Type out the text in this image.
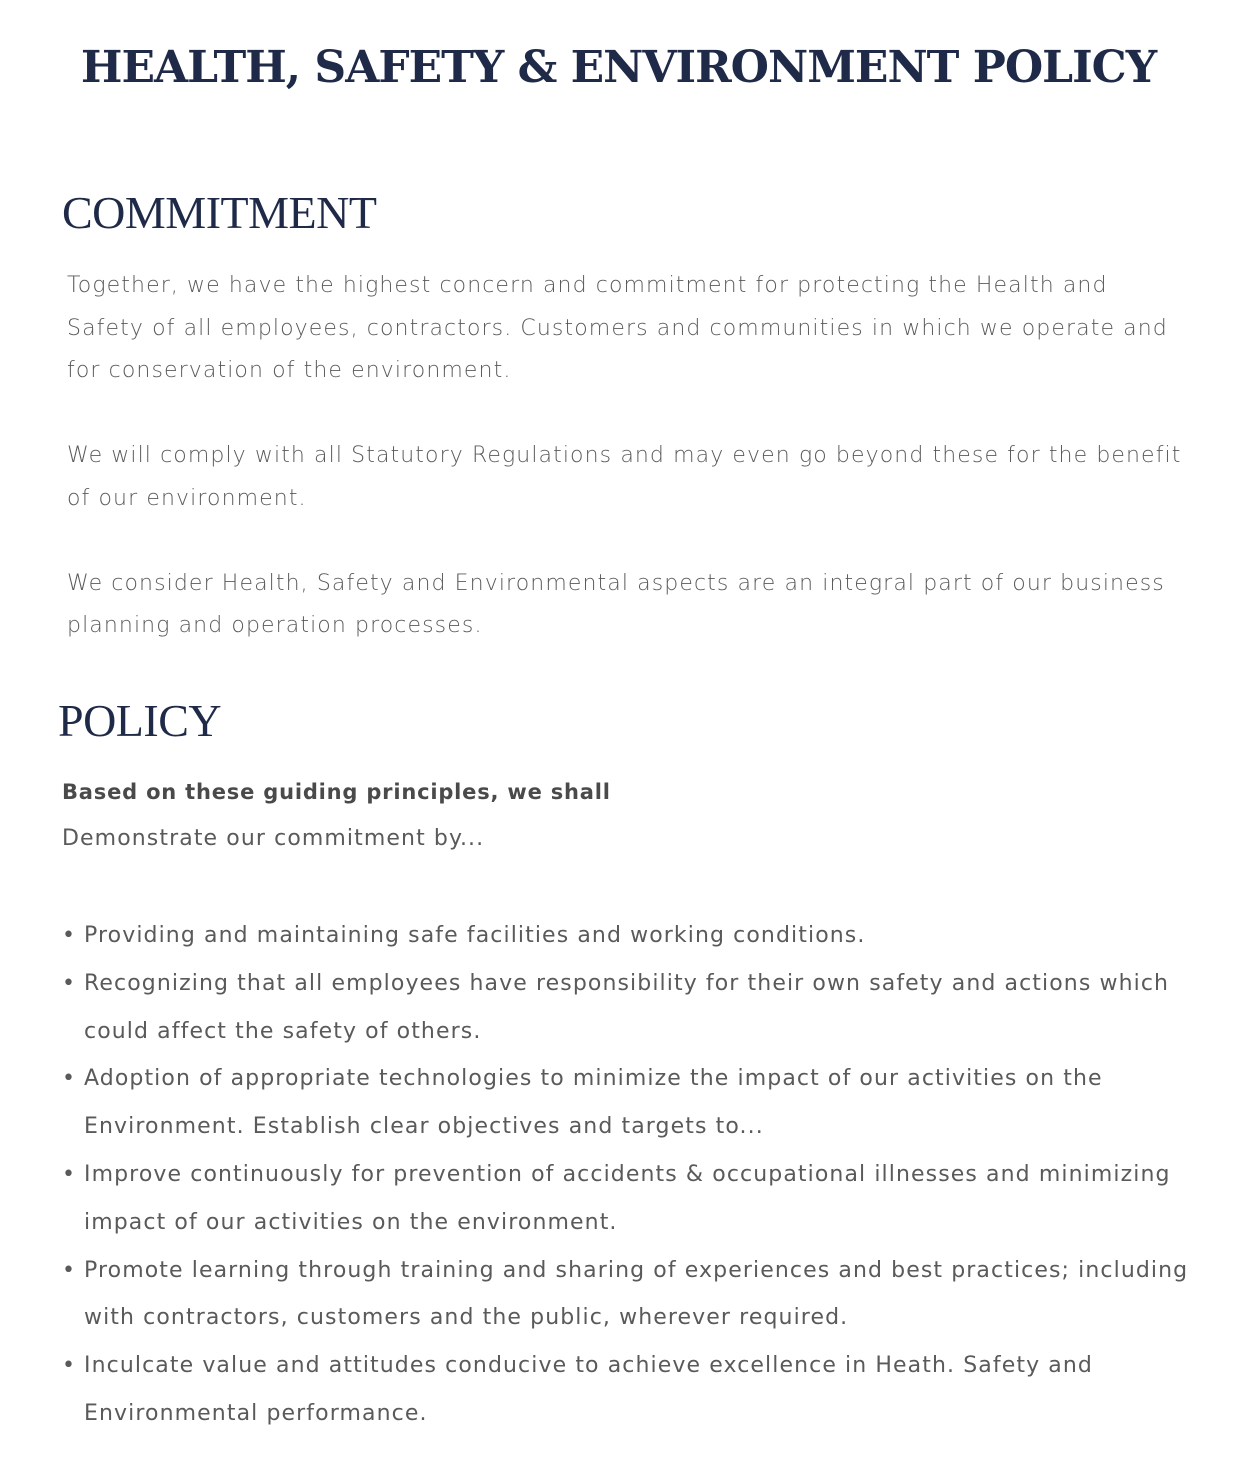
HEALTH, SAFETY & ENVIRONMENT POLICY
COMMITMENT

Together, we have the highest concern and commitment for protecting the Health and Safety of all employees, contractors. Customers and communities in which we operate and for conservation of the environment.

We will comply with all Statutory Regulations and may even go beyond these for the benefit of our environment.

We consider Health, Safety and Environmental aspects are an integral part of our business planning and operation processes.

POLICY

Based on these guiding principles, we shall

Demonstrate our commitment by...

• Providing and maintaining safe facilities and working conditions.
• Recognizing that all employees have responsibility for their own safety and actions which could affect the safety of others.
• Adoption of appropriate technologies to minimize the impact of our activities on the Environment. Establish clear objectives and targets to...
• Improve continuously for prevention of accidents & occupational illnesses and minimizing impact of our activities on the environment.
• Promote learning through training and sharing of experiences and best practices; including with contractors, customers and the public, wherever required.
• Inculcate value and attitudes conducive to achieve excellence in Heath. Safety and Environmental performance.
